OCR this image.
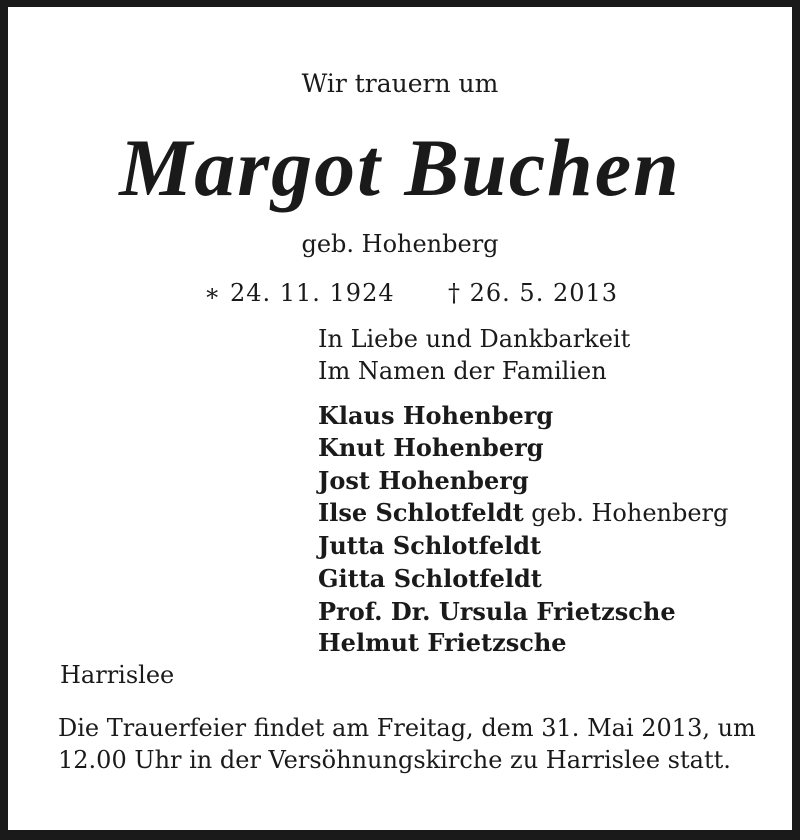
Wir trauern um
Margot Buchen
geb. Hohenberg
∗ 24. 11. 1924 † 26. 5. 2013
In Liebe und Dankbarkeit
Im Namen der Familien
Klaus Hohenberg
Knut Hohenberg
Jost Hohenberg
Ilse Schlotfeldt geb. Hohenberg
Jutta Schlotfeldt
Gitta Schlotfeldt
Prof. Dr. Ursula Frietzsche
Helmut Frietzsche
Harrislee
Die Trauerfeier findet am Freitag, dem 31. Mai 2013, um
12.00 Uhr in der Versöhnungskirche zu Harrislee statt.
